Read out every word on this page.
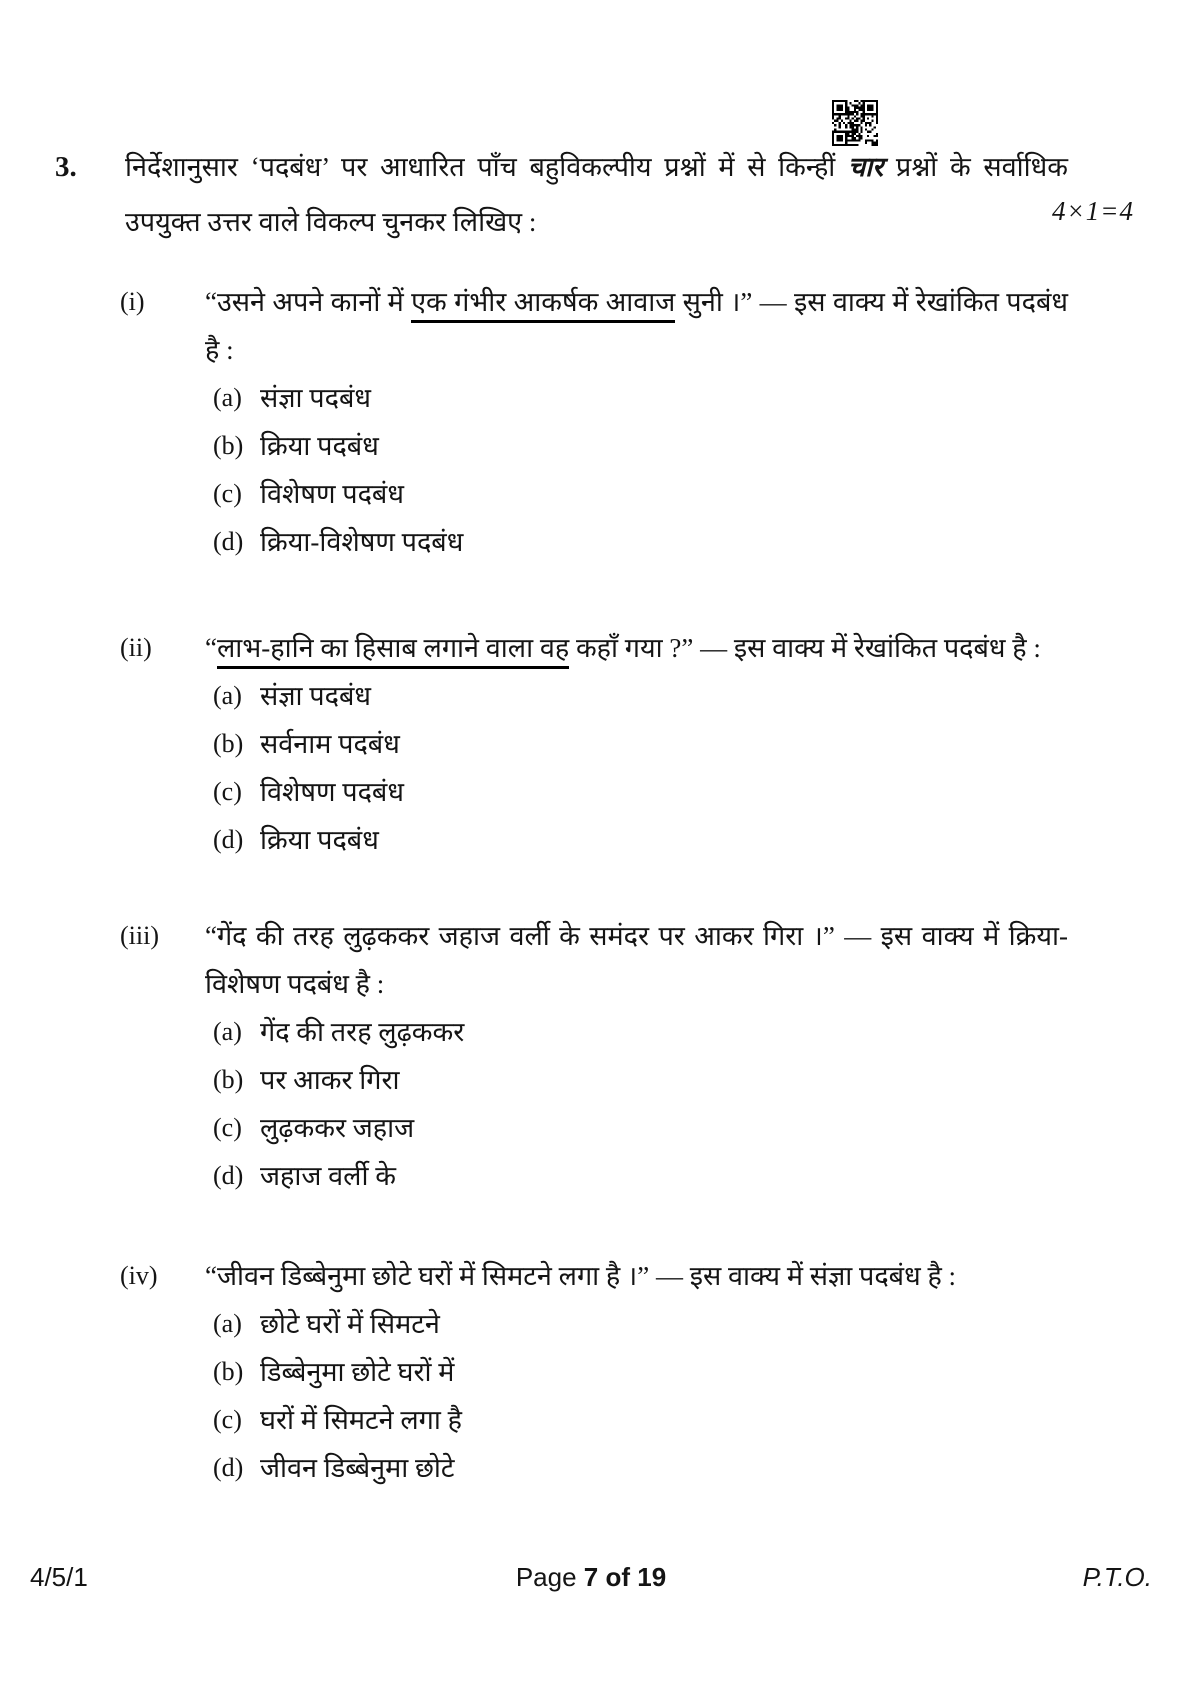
3.	निर्देशानुसार ‘पदबंध’ पर आधारित पाँच बहुविकल्पीय प्रश्नों में से किन्हीं चार प्रश्नों के सर्वाधिक उपयुक्त उत्तर वाले विकल्प चुनकर लिखिए :
(i)	“उसने अपने कानों में एक गंभीर आकर्षक आवाज सुनी ।” — इस वाक्य में रेखांकित पदबंध है :
(a) संज्ञा पदबंध
(b) क्रिया पदबंध
(c) विशेषण पदबंध
(d) क्रिया-विशेषण पदबंध
(ii)	“लाभ-हानि का हिसाब लगाने वाला वह कहाँ गया ?” — इस वाक्य में रेखांकित पदबंध है :
(a) संज्ञा पदबंध
(b) सर्वनाम पदबंध
(c) विशेषण पदबंध
(d) क्रिया पदबंध
(iii)	“गेंद की तरह लुढ़ककर जहाज वर्ली के समंदर पर आकर गिरा ।” — इस वाक्य में क्रिया-विशेषण पदबंध है :
(a) गेंद की तरह लुढ़ककर
(b) पर आकर गिरा
(c) लुढ़ककर जहाज
(d) जहाज वर्ली के
(iv)	“जीवन डिब्बेनुमा छोटे घरों में सिमटने लगा है ।” — इस वाक्य में संज्ञा पदबंध है :
(a) छोटे घरों में सिमटने
(b) डिब्बेनुमा छोटे घरों में
(c) घरों में सिमटने लगा है
(d) जीवन डिब्बेनुमा छोटे
4×1=4
4/5/1	Page 7 of 19	P.T.O.
